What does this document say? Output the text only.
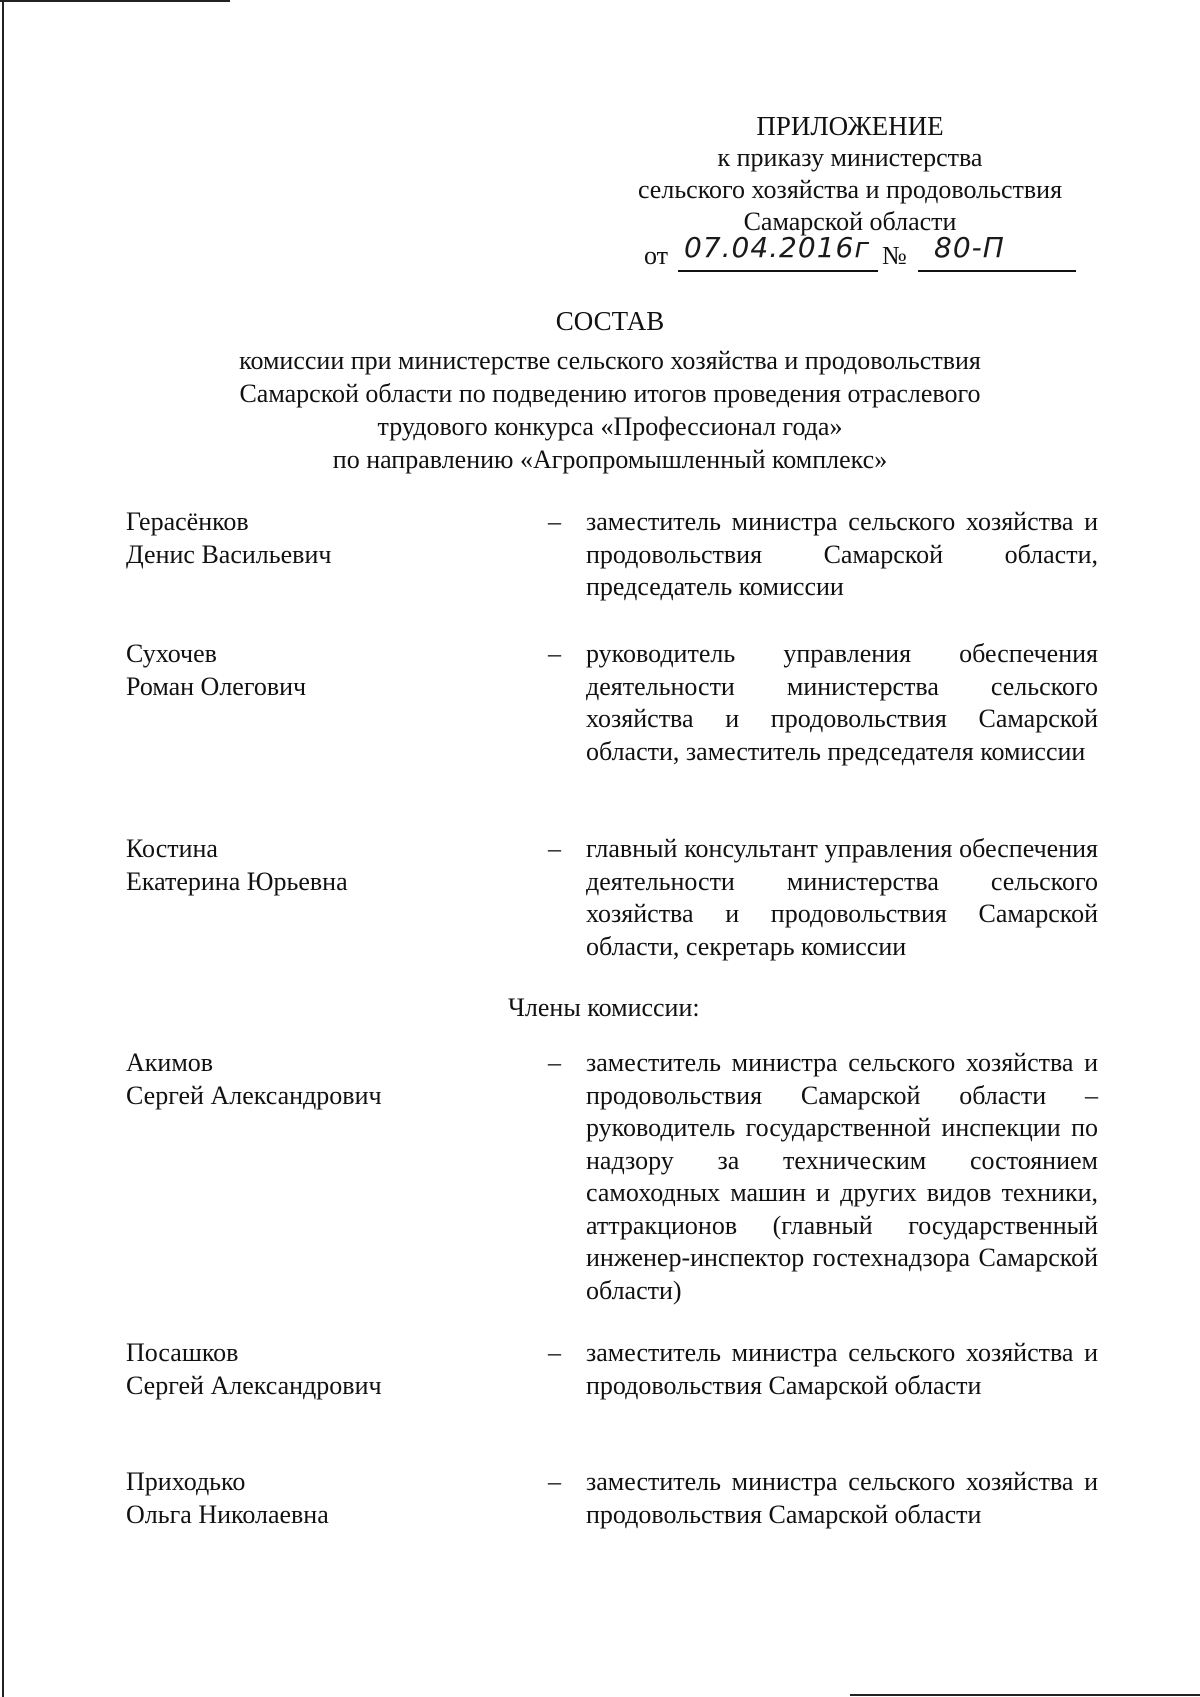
ПРИЛОЖЕНИЕ
к приказу министерства
сельского хозяйства и продовольствия
Самарской области
от 07.04.2016г № 80-П
СОСТАВ
комиссии при министерстве сельского хозяйства и продовольствия
Самарской области по подведению итогов проведения отраслевого
трудового конкурса «Профессионал года»
по направлению «Агропромышленный комплекс»
Герасёнков
Денис Васильевич
– заместитель министра сельского хозяйства и продовольствия Самарской области, председатель комиссии
Сухочев
Роман Олегович
– руководитель управления обеспечения деятельности министерства сельского хозяйства и продовольствия Самарской области, заместитель председателя комиссии
Костина
Екатерина Юрьевна
– главный консультант управления обеспечения деятельности министерства сельского хозяйства и продовольствия Самарской области, секретарь комиссии
Члены комиссии:
Акимов
Сергей Александрович
– заместитель министра сельского хозяйства и продовольствия Самарской области – руководитель государственной инспекции по надзору за техническим состоянием самоходных машин и других видов техники, аттракционов (главный государственный инженер-инспектор гостехнадзора Самарской области)
Посашков
Сергей Александрович
– заместитель министра сельского хозяйства и продовольствия Самарской области
Приходько
Ольга Николаевна
– заместитель министра сельского хозяйства и продовольствия Самарской области
